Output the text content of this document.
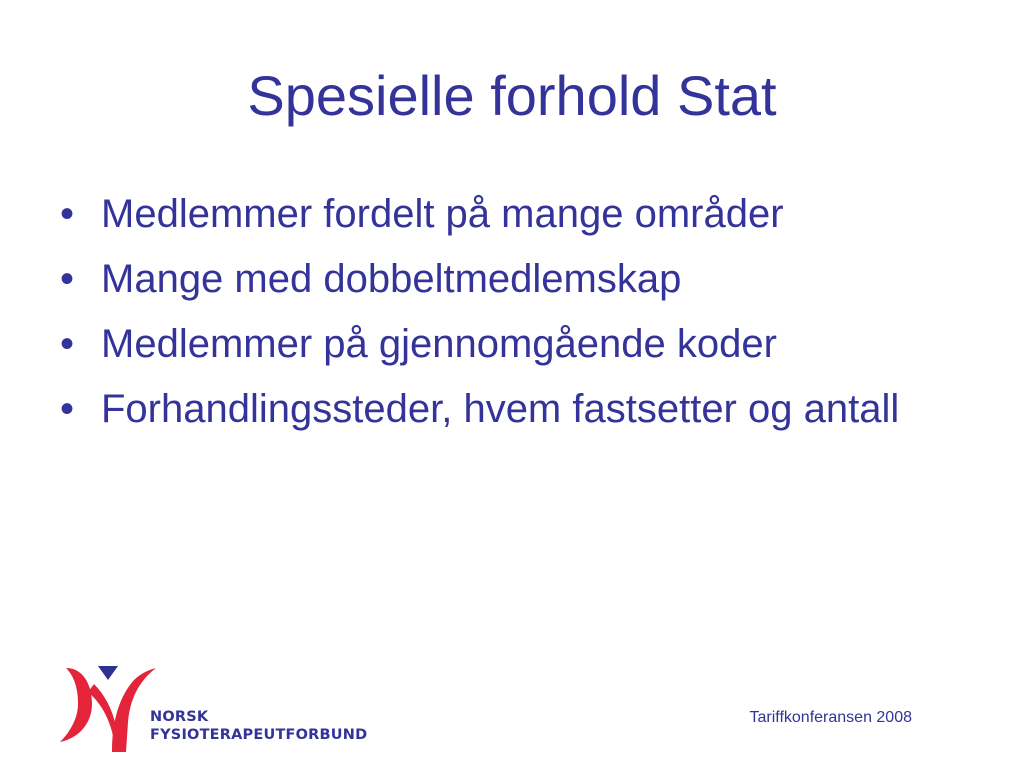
Spesielle forhold Stat
• Medlemmer fordelt på mange områder
• Mange med dobbeltmedlemskap
• Medlemmer på gjennomgående koder
• Forhandlingssteder, hvem fastsetter og antall
NORSK
FYSIOTERAPEUTFORBUND
Tariffkonferansen 2008
